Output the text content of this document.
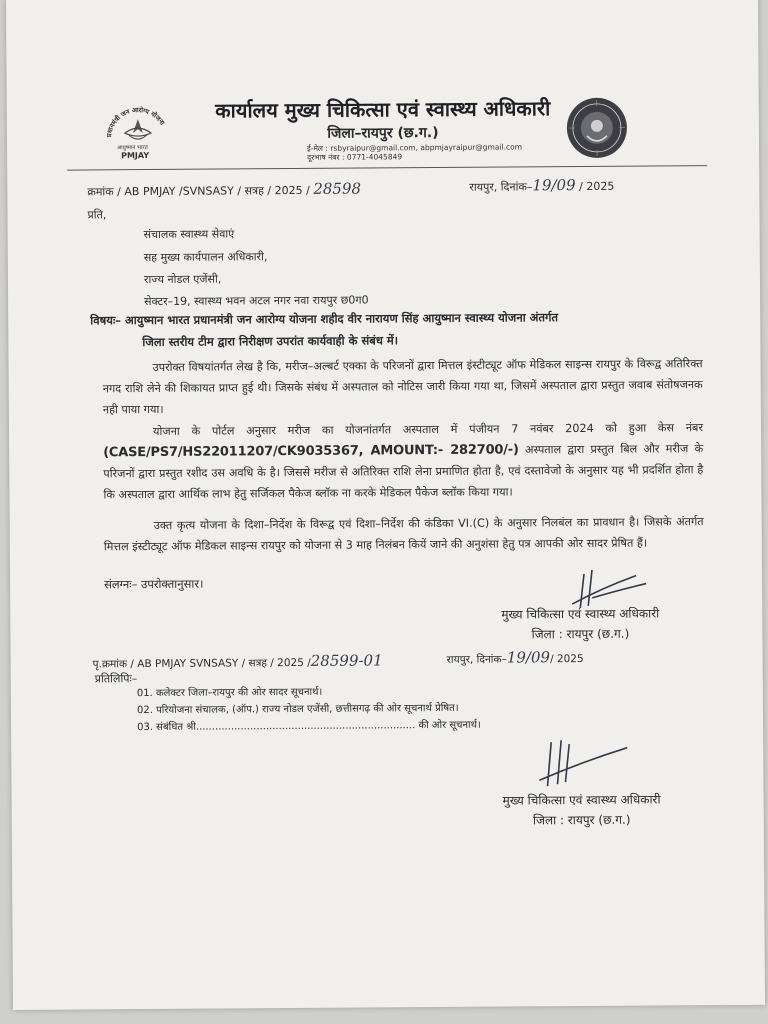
प्रधानमंत्री जन आरोग्य योजना
आयुष्मान भारत
PMJAY
कार्यालय मुख्य चिकित्सा एवं स्वास्थ्य अधिकारी
जिला–रायपुर (छ.ग.)
ई-मेल : rsbyraipur@gmail.com, abpmjayraipur@gmail.com
दूरभाष नंबर : 0771-4045849
क्रमांक / AB PMJAY /SVNSASY / सत्रह / 2025 / 28598	रायपुर, दिनांक–19/09 / 2025
प्रति,
संचालक स्वास्थ्य सेवाएं
सह मुख्य कार्यपालन अधिकारी,
राज्य नोडल एजेंसी,
सेक्टर–19, स्वास्थ्य भवन अटल नगर नवा रायपुर छ0ग0
विषयः– आयुष्मान भारत प्रधानमंत्री जन आरोग्य योजना शहीद वीर नारायण सिंह आयुष्मान स्वास्थ्य योजना अंतर्गत
जिला स्तरीय टीम द्वारा निरीक्षण उपरांत कार्यवाही के संबंध में।
उपरोक्त विषयांतर्गत लेख है कि, मरीज–अल्बर्ट एक्का के परिजनों द्वारा मित्तल इंस्टीट्यूट ऑफ मेडिकल साइन्स रायपुर के विरूद्व अतिरिक्त नगद राशि लेने की शिकायत प्राप्त हुई थी। जिसके संबंध में अस्पताल को नोटिस जारी किया गया था, जिसमें अस्पताल द्वारा प्रस्तुत जवाब संतोषजनक नही पाया गया।
योजना के पोर्टल अनुसार मरीज का योजनांतर्गत अस्पताल में पंजीयन 7 नवंबर 2024 को हुआ केस नंबर (CASE/PS7/HS22011207/CK9035367, AMOUNT:- 282700/-) अस्पताल द्वारा प्रस्तुत बिल और मरीज के परिजनों द्वारा प्रस्तुत रशीद उस अवधि के है। जिससे मरीज से अतिरिक्त राशि लेना प्रमाणित होता है, एवं दस्तावेजो के अनुसार यह भी प्रदर्शित होता है कि अस्पताल द्वारा आर्थिक लाभ हेतु सर्जिकल पैकेज ब्लॉक ना करके मेडिकल पैकेज ब्लॉक किया गया।
उक्त कृत्य योजना के दिशा–निर्देश के विरूद्व एवं दिशा–निर्देश की कंडिका VI.(C) के अनुसार निलबंल का प्रावधान है। जिसके अंतर्गत मित्तल इंस्टीट्यूट ऑफ मेडिकल साइन्स रायपुर को योजना से 3 माह निलंबन कियें जाने की अनुशंसा हेतु पत्र आपकी ओर सादर प्रेषित हैं।
संलग्नः– उपरोक्तानुसार।
मुख्य चिकित्सा एवं स्वास्थ्य अधिकारी
जिला : रायपुर (छ.ग.)
पृ.क्रमांक / AB PMJAY SVNSASY / सत्रह / 2025 /28599-01	रायपुर, दिनांक–19/09/ 2025
प्रतिलिपिः–
01. कलेक्टर जिला–रायपुर की ओर सादर सूचनार्थ।
02. परियोजना संचालक, (ऑप.) राज्य नोडल एजेंसी, छत्तीसगढ़ की ओर सूचनार्थ प्रेषित।
03. संबंधित श्री..................................................................... की ओर सूचनार्थ।
मुख्य चिकित्सा एवं स्वास्थ्य अधिकारी
जिला : रायपुर (छ.ग.)
